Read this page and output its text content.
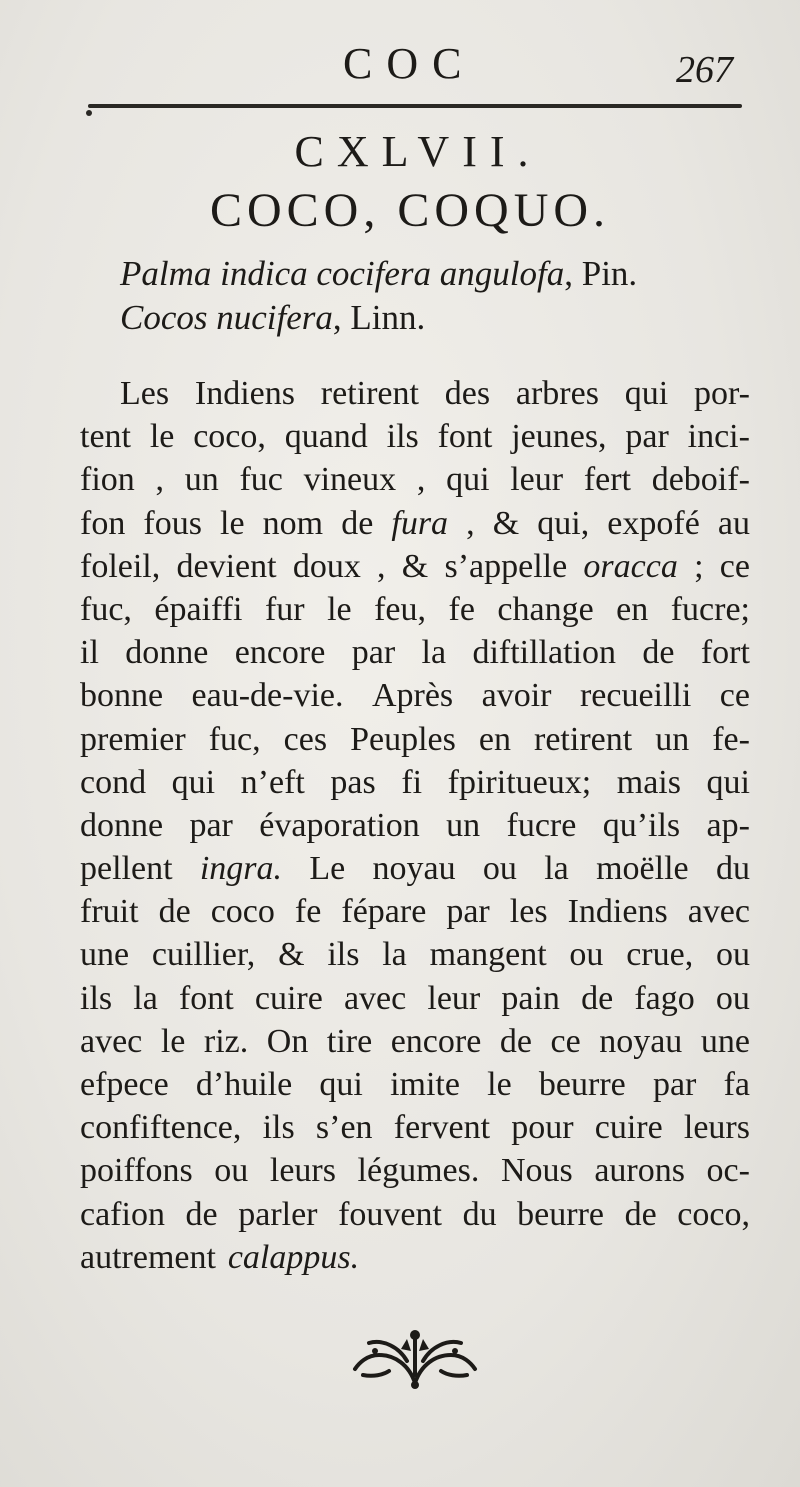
COC	267
CXLVII.
COCO, COQUO.
Palma indica cocifera angulofa, Pin.
Cocos nucifera, Linn.
Les Indiens retirent des arbres qui por-
tent le coco, quand ils font jeunes, par inci-
fion , un fuc vineux , qui leur fert deboif-
fon fous le nom de fura , & qui, expofé au
foleil, devient doux , & s’appelle oracca ; ce
fuc, épaiffi fur le feu, fe change en fucre;
il donne encore par la diftillation de fort
bonne eau-de-vie. Après avoir recueilli ce
premier fuc, ces Peuples en retirent un fe-
cond qui n’eft pas fi fpiritueux; mais qui
donne par évaporation un fucre qu’ils ap-
pellent ingra. Le noyau ou la moëlle du
fruit de coco fe fépare par les Indiens avec
une cuillier, & ils la mangent ou crue, ou
ils la font cuire avec leur pain de fago ou
avec le riz. On tire encore de ce noyau une
efpece d’huile qui imite le beurre par fa
confiftence, ils s’en fervent pour cuire leurs
poiffons ou leurs légumes. Nous aurons oc-
cafion de parler fouvent du beurre de coco,
autrement calappus.
